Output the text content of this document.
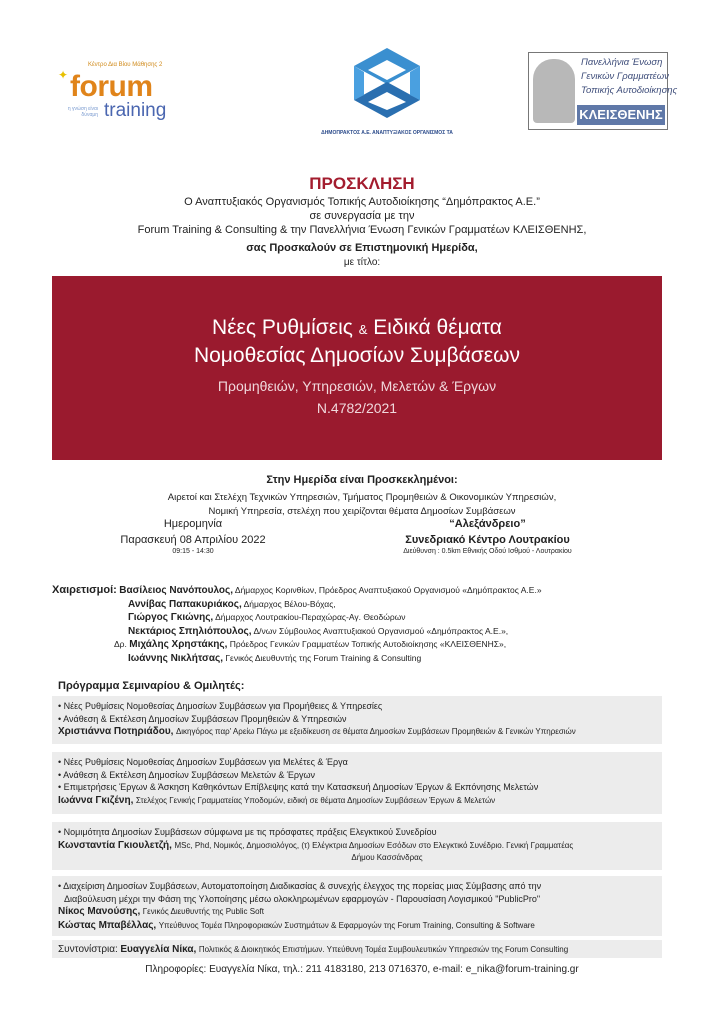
✦
Κέντρο Δια Βίου Μάθησης 2
forum
η γνώση είναι δύναμη training
ΔΗΜΟΠΡΑΚΤΟΣ Α.Ε. ΑΝΑΠΤΥΞΙΑΚΟΣ ΟΡΓΑΝΙΣΜΟΣ ΤΑ
Πανελλήνια Ένωση
Γενικών Γραμματέων
Τοπικής Αυτοδιοίκησης
ΚΛΕΙΣΘΕΝΗΣ
ΠΡΟΣΚΛΗΣΗ
Ο Αναπτυξιακός Οργανισμός Τοπικής Αυτοδιοίκησης “Δημόπρακτος Α.Ε.”
σε συνεργασία με την
Forum Training & Consulting & την Πανελλήνια Ένωση Γενικών Γραμματέων ΚΛΕΙΣΘΕΝΗΣ,
σας Προσκαλούν σε Επιστημονική Ημερίδα,
με τίτλο:
Νέες Ρυθμίσεις & Ειδικά θέματα
Νομοθεσίας Δημοσίων Συμβάσεων
Προμηθειών, Υπηρεσιών, Μελετών & Έργων
Ν.4782/2021
Στην Ημερίδα είναι Προσκεκλημένοι:
Αιρετοί και Στελέχη Τεχνικών Υπηρεσιών, Τμήματος Προμηθειών & Οικονομικών Υπηρεσιών,
Νομική Υπηρεσία, στελέχη που χειρίζονται θέματα Δημοσίων Συμβάσεων
Ημερομηνία
Παρασκευή 08 Απριλίου 2022
09:15 - 14:30
“Αλεξάνδρειο”
Συνεδριακό Κέντρο Λουτρακίου
Διεύθυνση : 0.5km Εθνικής Οδού Ισθμού - Λουτρακίου
Χαιρετισμοί: Βασίλειος Νανόπουλος, Δήμαρχος Κορινθίων, Πρόεδρος Αναπτυξιακού Οργανισμού «Δημόπρακτος Α.Ε.»
Αννίβας Παπακυριάκος, Δήμαρχος Βέλου-Βόχας,
Γιώργος Γκιώνης, Δήμαρχος Λουτρακίου-Περαχώρας-Αγ. Θεοδώρων
Νεκτάριος Σπηλιόπουλος, Δ/νων Σύμβουλος Αναπτυξιακού Οργανισμού «Δημόπρακτος Α.Ε.»,
Δρ. Μιχάλης Χρηστάκης, Πρόεδρος Γενικών Γραμματέων Τοπικής Αυτοδιοίκησης «ΚΛΕΙΣΘΕΝΗΣ»,
Ιωάννης Νικλήτσας, Γενικός Διευθυντής της Forum Training & Consulting
Πρόγραμμα Σεμιναρίου & Ομιλητές:
• Νέες Ρυθμίσεις Νομοθεσίας Δημοσίων Συμβάσεων για Προμήθειες & Υπηρεσίες
• Ανάθεση & Εκτέλεση Δημοσίων Συμβάσεων Προμηθειών & Υπηρεσιών
Χριστιάννα Ποτηριάδου, Δικηγόρος παρ' Αρείω Πάγω με εξειδίκευση σε θέματα Δημοσίων Συμβάσεων Προμηθειών & Γενικών Υπηρεσιών
• Νέες Ρυθμίσεις Νομοθεσίας Δημοσίων Συμβάσεων για Μελέτες & Έργα
• Ανάθεση & Εκτέλεση Δημοσίων Συμβάσεων Μελετών & Έργων
• Επιμετρήσεις Έργων & Άσκηση Καθηκόντων Επίβλεψης κατά την Κατασκευή Δημοσίων Έργων & Εκπόνησης Μελετών
Ιωάννα Γκιζένη, Στελέχος Γενικής Γραμματείας Υποδομών, ειδική σε θέματα Δημοσίων Συμβάσεων Έργων & Μελετών
• Νομιμότητα Δημοσίων Συμβάσεων σύμφωνα με τις πρόσφατες πράξεις Ελεγκτικού Συνεδρίου
Κωνσταντία Γκιουλετζή, MSc, Phd, Νομικός, Δημοσιολόγος, (τ) Ελέγκτρια Δημοσίων Εσόδων στο Ελεγκτικό Συνέδριο. Γενική Γραμματέας
Δήμου Κασσάνδρας
• Διαχείριση Δημοσίων Συμβάσεων, Αυτοματοποίηση Διαδικασίας & συνεχής έλεγχος της πορείας μιας Σύμβασης από την
Διαβούλευση μέχρι την Φάση της Υλοποίησης μέσω ολοκληρωμένων εφαρμογών - Παρουσίαση Λογισμικού "PublicPro"
Νίκος Μανούσης, Γενικός Διευθυντής της Public Soft
Κώστας Μπαβέλλας, Υπεύθυνος Τομέα Πληροφοριακών Συστημάτων & Εφαρμογών της Forum Training, Consulting & Software
Συντονίστρια: Ευαγγελία Νίκα, Πολιτικός & Διοικητικός Επιστήμων. Υπεύθυνη Τομέα Συμβουλευτικών Υπηρεσιών της Forum Consulting
Πληροφορίες: Ευαγγελία Νίκα, τηλ.: 211 4183180, 213 0716370, e-mail: e_nika@forum-training.gr
